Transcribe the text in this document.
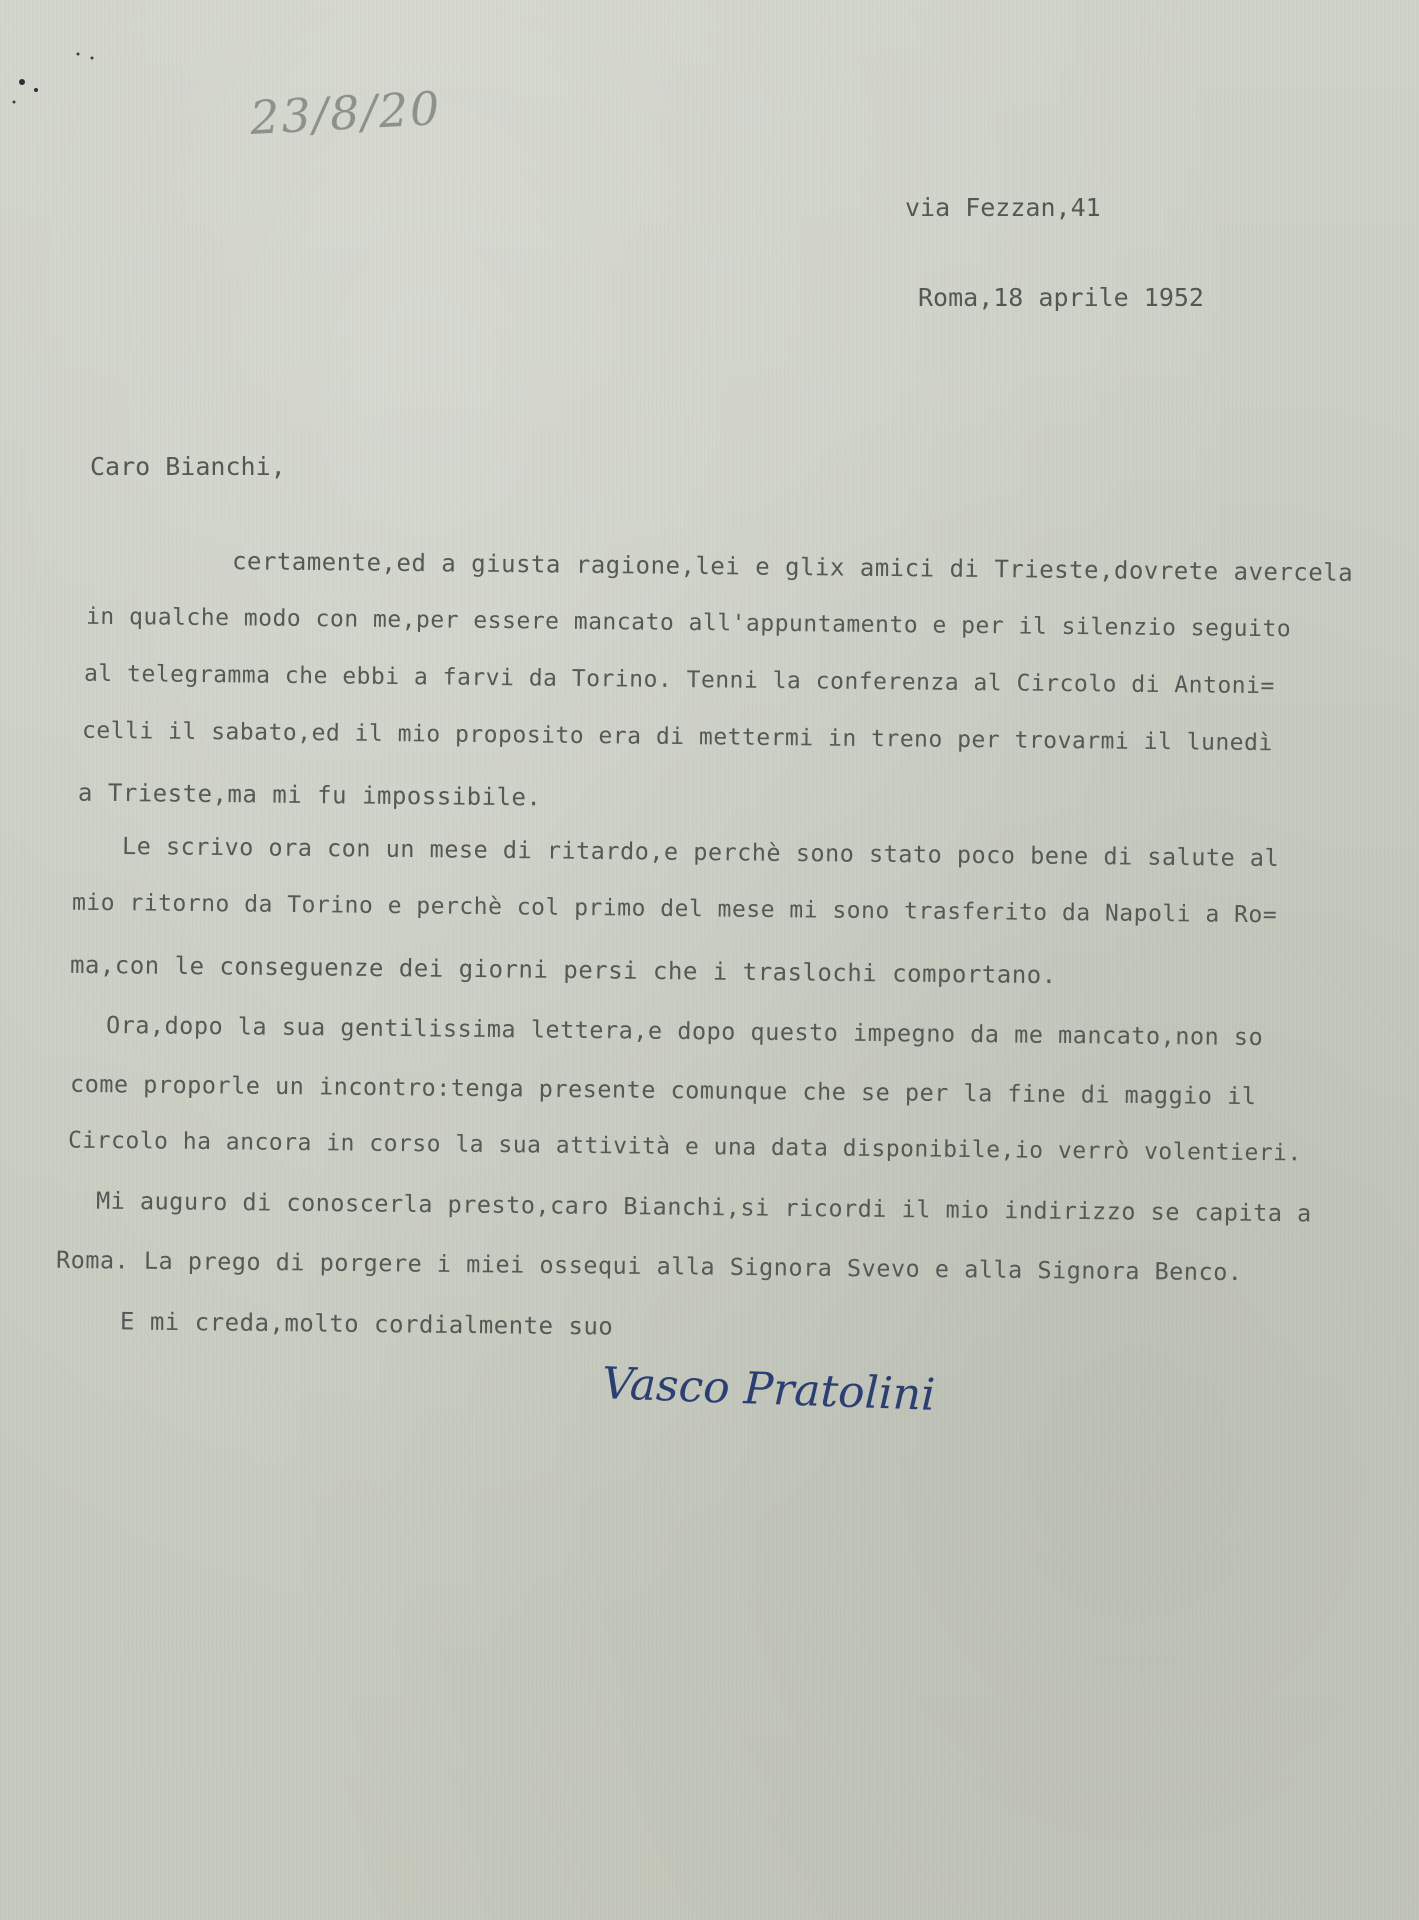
23/8/20
via Fezzan,41
Roma,18 aprile 1952
Caro Bianchi,
certamente,ed a giusta ragione,lei e glix amici di Trieste,dovrete avercela
in qualche modo con me,per essere mancato all'appuntamento e per il silenzio seguito
al telegramma che ebbi a farvi da Torino. Tenni la conferenza al Circolo di Antoni=
celli il sabato,ed il mio proposito era di mettermi in treno per trovarmi il lunedì
a Trieste,ma mi fu impossibile.
Le scrivo ora con un mese di ritardo,e perchè sono stato poco bene di salute al
mio ritorno da Torino e perchè col primo del mese mi sono trasferito da Napoli a Ro=
ma,con le conseguenze dei giorni persi che i traslochi comportano.
Ora,dopo la sua gentilissima lettera,e dopo questo impegno da me mancato,non so
come proporle un incontro:tenga presente comunque che se per la fine di maggio il
Circolo ha ancora in corso la sua attività e una data disponibile,io verrò volentieri.
Mi auguro di conoscerla presto,caro Bianchi,si ricordi il mio indirizzo se capita a
Roma. La prego di porgere i miei ossequi alla Signora Svevo e alla Signora Benco.
E mi creda,molto cordialmente suo
Vasco Pratolini
